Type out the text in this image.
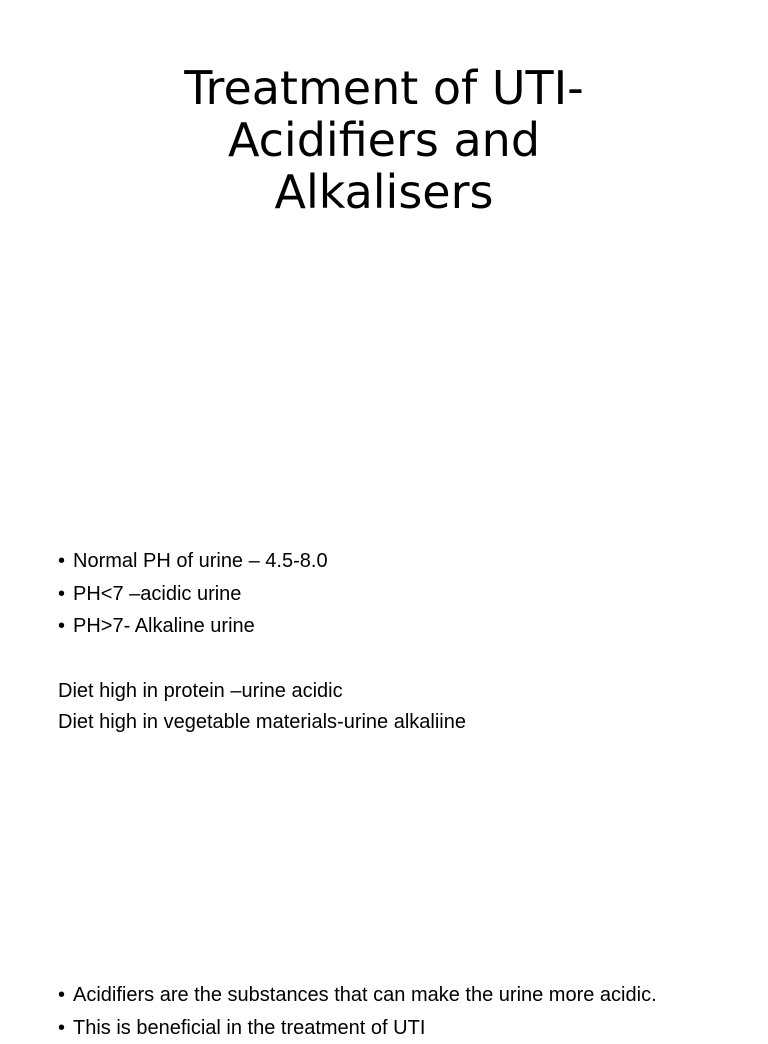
Treatment of UTI-
Acidifiers and
Alkalisers
• Normal PH of urine – 4.5-8.0
• PH<7 –acidic urine
• PH>7- Alkaline urine
Diet high in protein –urine acidic
Diet high in vegetable materials-urine alkaliine
• Acidifiers are the substances that can make the urine more acidic.
• This is beneficial in the treatment of UTI
